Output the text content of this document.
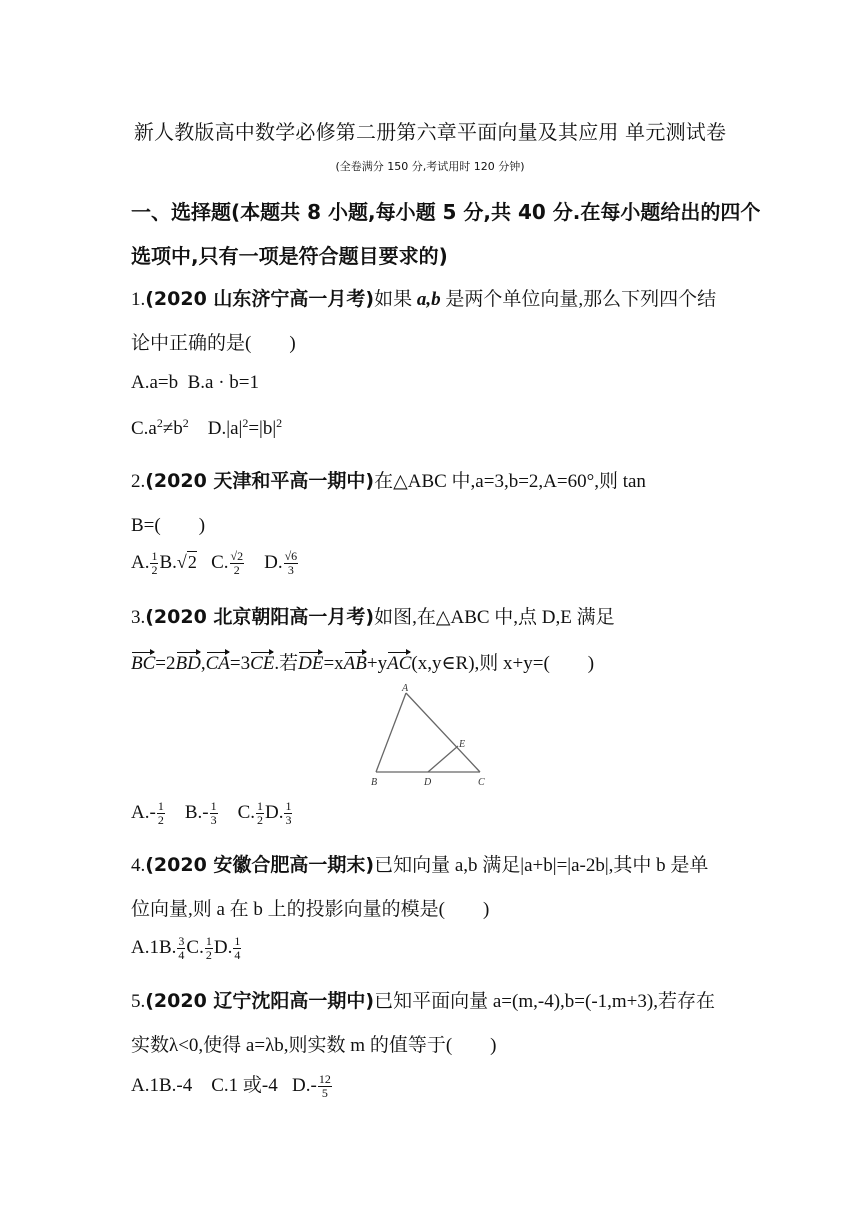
新人教版高中数学必修第二册第六章平面向量及其应用 单元测试卷
(全卷满分 150 分,考试用时 120 分钟)
一、选择题(本题共 8 小题,每小题 5 分,共 40 分.在每小题给出的四个
选项中,只有一项是符合题目要求的)
1.(2020 山东济宁高一月考)如果 a,b 是两个单位向量,那么下列四个结
论中正确的是(　　)
A.a=b B.a · b=1
$C.a^2\ne b^2$ $D.|a|^2=|b|^2$
2.(2020 天津和平高一期中)在△ABC 中,a=3,b=2,A=60°,则 tan
B=(　　)
A. $\frac{1}{2} B.√2$ C. $\frac{√2}{2} D$. $\frac{√6}{3}$
3.(2020 北京朝阳高一月考)如图,在△ABC 中,点 D,E 满足
BC=2BD,CA=3CE.若DE=xAB+yAC(x,y∈R),则 x+y=(　　)
A
B	C
D
E
$A.- \frac{1}{2} B.- \frac{1}{3} C$. $\frac{1}{2} D$. $\frac{1}{3}$
4.(2020 安徽合肥高一期末)已知向量 a,b 满足|a+b|=|a-2b|,其中 b 是单
位向量,则 a 在 b 上的投影向量的模是(　　)
A.1B. $\frac{3}{4} C$. $\frac{1}{2} D$. $\frac{1}{4}$
5.(2020 辽宁沈阳高一期中)已知平面向量 a=(m,-4),b=(-1,m+3),若存在
实数λ<0,使得 a=λb,则实数 m 的值等于(　　)
A.1B.-4 C.1 或-4 $D.- \frac{12}{5}$
